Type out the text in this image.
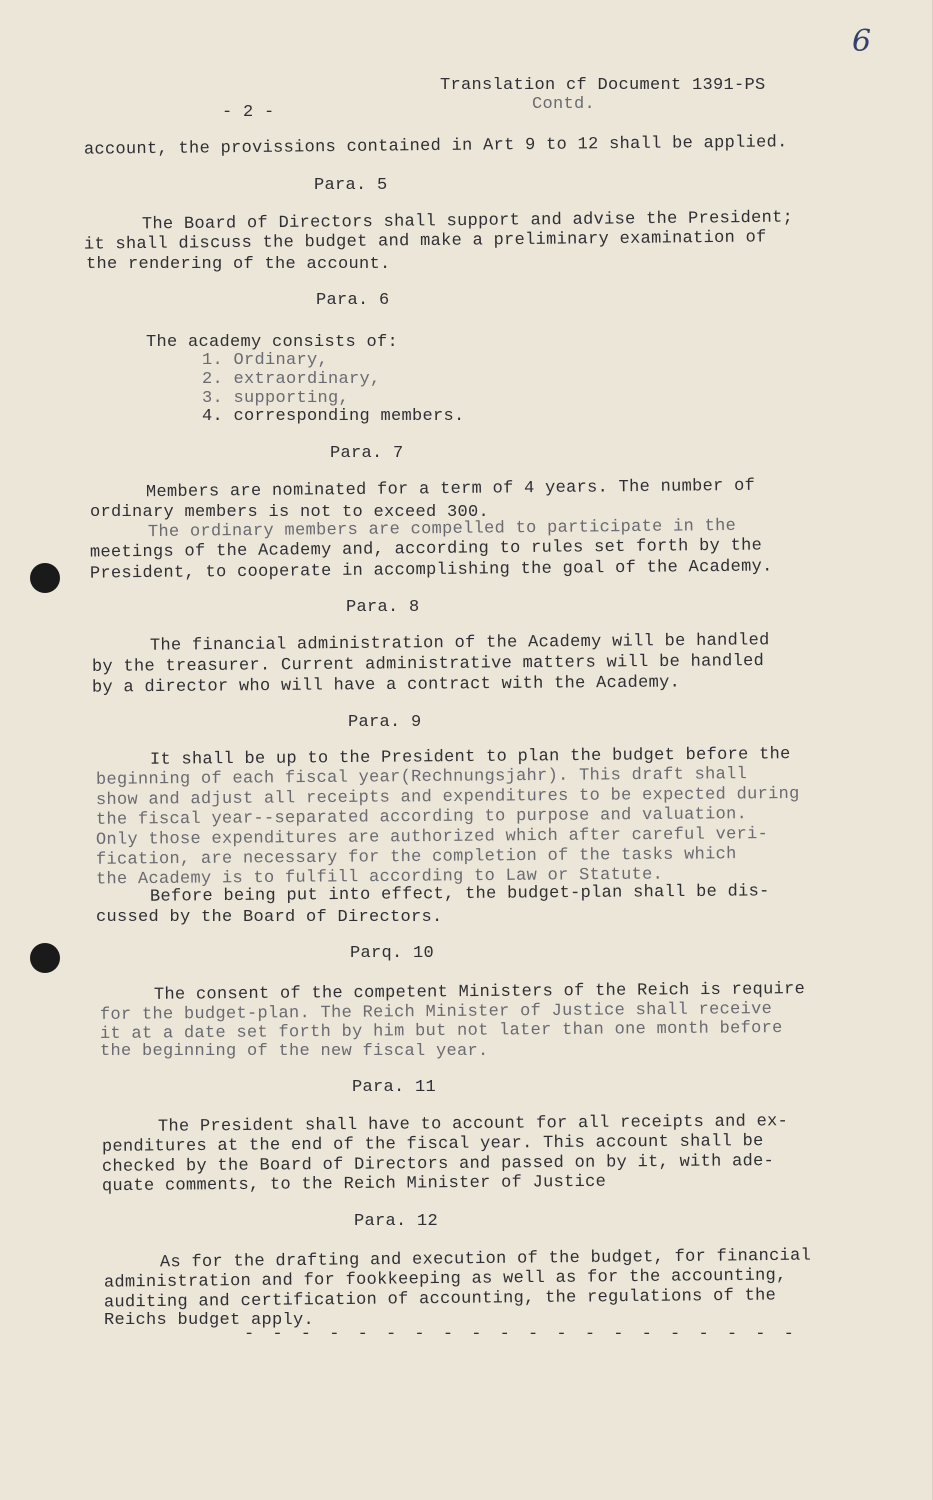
6
- 2 -
Translation cf Document 1391-PS
Contd.
account, the provissions contained in Art 9 to 12 shall be applied.
Para. 5
The Board of Directors shall support and advise the President;
it shall discuss the budget and make a preliminary examination of
the rendering of the account.
Para. 6
The academy consists of:
1. Ordinary,
2. extraordinary,
3. supporting,
4. corresponding members.
Para. 7
Members are nominated for a term of 4 years. The number of
ordinary members is not to exceed 300.
The ordinary members are compelled to participate in the
meetings of the Academy and, according to rules set forth by the
President, to cooperate in accomplishing the goal of the Academy.
Para. 8
The financial administration of the Academy will be handled
by the treasurer. Current administrative matters will be handled
by a director who will have a contract with the Academy.
Para. 9
It shall be up to the President to plan the budget before the
beginning of each fiscal year(Rechnungsjahr). This draft shall
show and adjust all receipts and expenditures to be expected during
the fiscal year--separated according to purpose and valuation.
Only those expenditures are authorized which after careful veri-
fication, are necessary for the completion of the tasks which
the Academy is to fulfill according to Law or Statute.
Before being put into effect, the budget-plan shall be dis-
cussed by the Board of Directors.
Parq. 10
The consent of the competent Ministers of the Reich is require
for the budget-plan. The Reich Minister of Justice shall receive
it at a date set forth by him but not later than one month before
the beginning of the new fiscal year.
Para. 11
The President shall have to account for all receipts and ex-
penditures at the end of the fiscal year. This account shall be
checked by the Board of Directors and passed on by it, with ade-
quate comments, to the Reich Minister of Justice
Para. 12
As for the drafting and execution of the budget, for financial
administration and for fookkeeping as well as for the accounting,
auditing and certification of accounting, the regulations of the
Reichs budget apply.
- - - - - - - - - - - - - - - - - - - -
